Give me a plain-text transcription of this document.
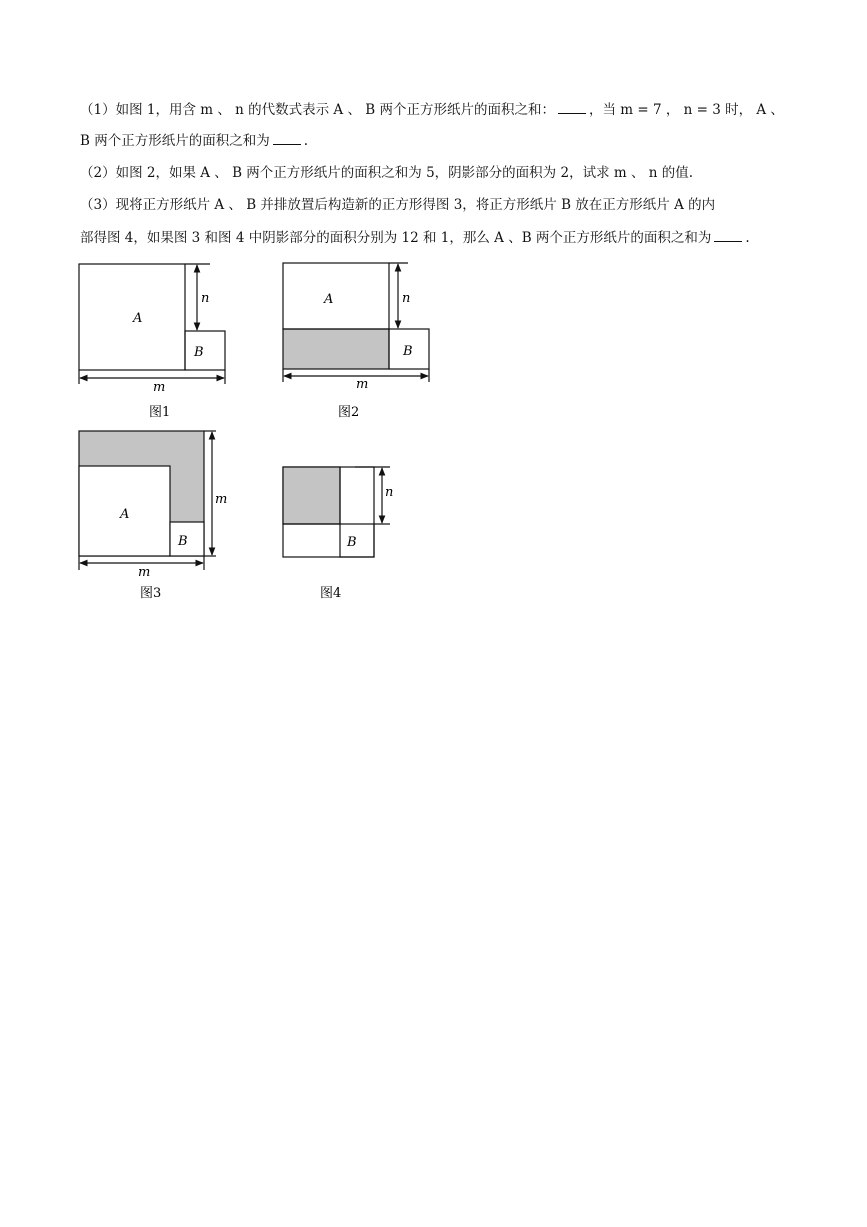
（1）如图 1，用含 m 、 n 的代数式表示 A 、 B 两个正方形纸片的面积之和：	，当 m = 7 ， n = 3 时， A 、
B 两个正方形纸片的面积之和为	.
（2）如图 2，如果 A 、 B 两个正方形纸片的面积之和为 5，阴影部分的面积为 2，试求 m 、 n 的值.
（3）现将正方形纸片 A 、 B 并排放置后构造新的正方形得图 3，将正方形纸片 B 放在正方形纸片 A 的内
部得图 4，如果图 3 和图 4 中阴影部分的面积分别为 12 和 1，那么 A 、B 两个正方形纸片的面积之和为	.
A
B
n
m
图1
A
B
n
m
图2
A
B
m
m
图3
B
n
图4
